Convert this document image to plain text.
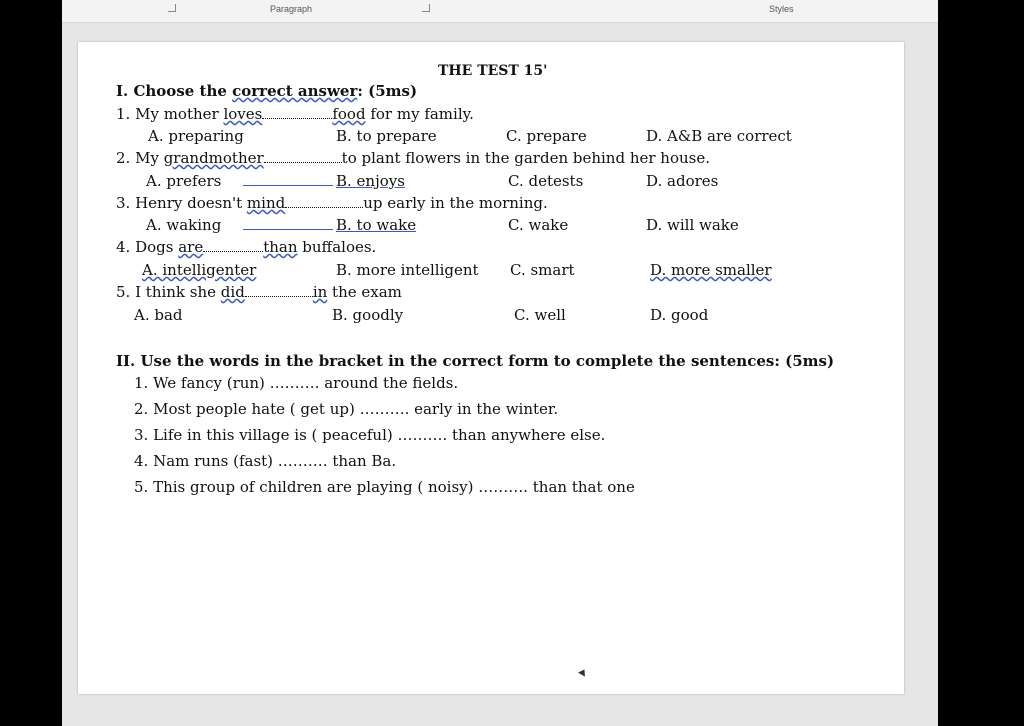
Paragraph	Styles
THE TEST 15'
I. Choose the correct answer: (5ms)
1. My mother loves	food for my family.
A. preparing	B. to prepare	C. prepare	D. A&B are correct
2. My grandmother	to plant flowers in the garden behind her house.
A. prefers	B. enjoys	C. detests	D. adores
3. Henry doesn't mind	up early in the morning.
A. waking	B. to wake	C. wake	D. will wake
4. Dogs are	than buffaloes.
A. intelligenter	B. more intelligent C. smart	D. more smaller
5. I think she did	in the exam
A. bad	B. goodly	C. well	D. good
II. Use the words in the bracket in the correct form to complete the sentences: (5ms)
1. We fancy (run) ………. around the fields.
2. Most people hate ( get up) ………. early in the winter.
3. Life in this village is ( peaceful) ………. than anywhere else.
4. Nam runs (fast) ………. than Ba.
5. This group of children are playing ( noisy) ………. than that one
